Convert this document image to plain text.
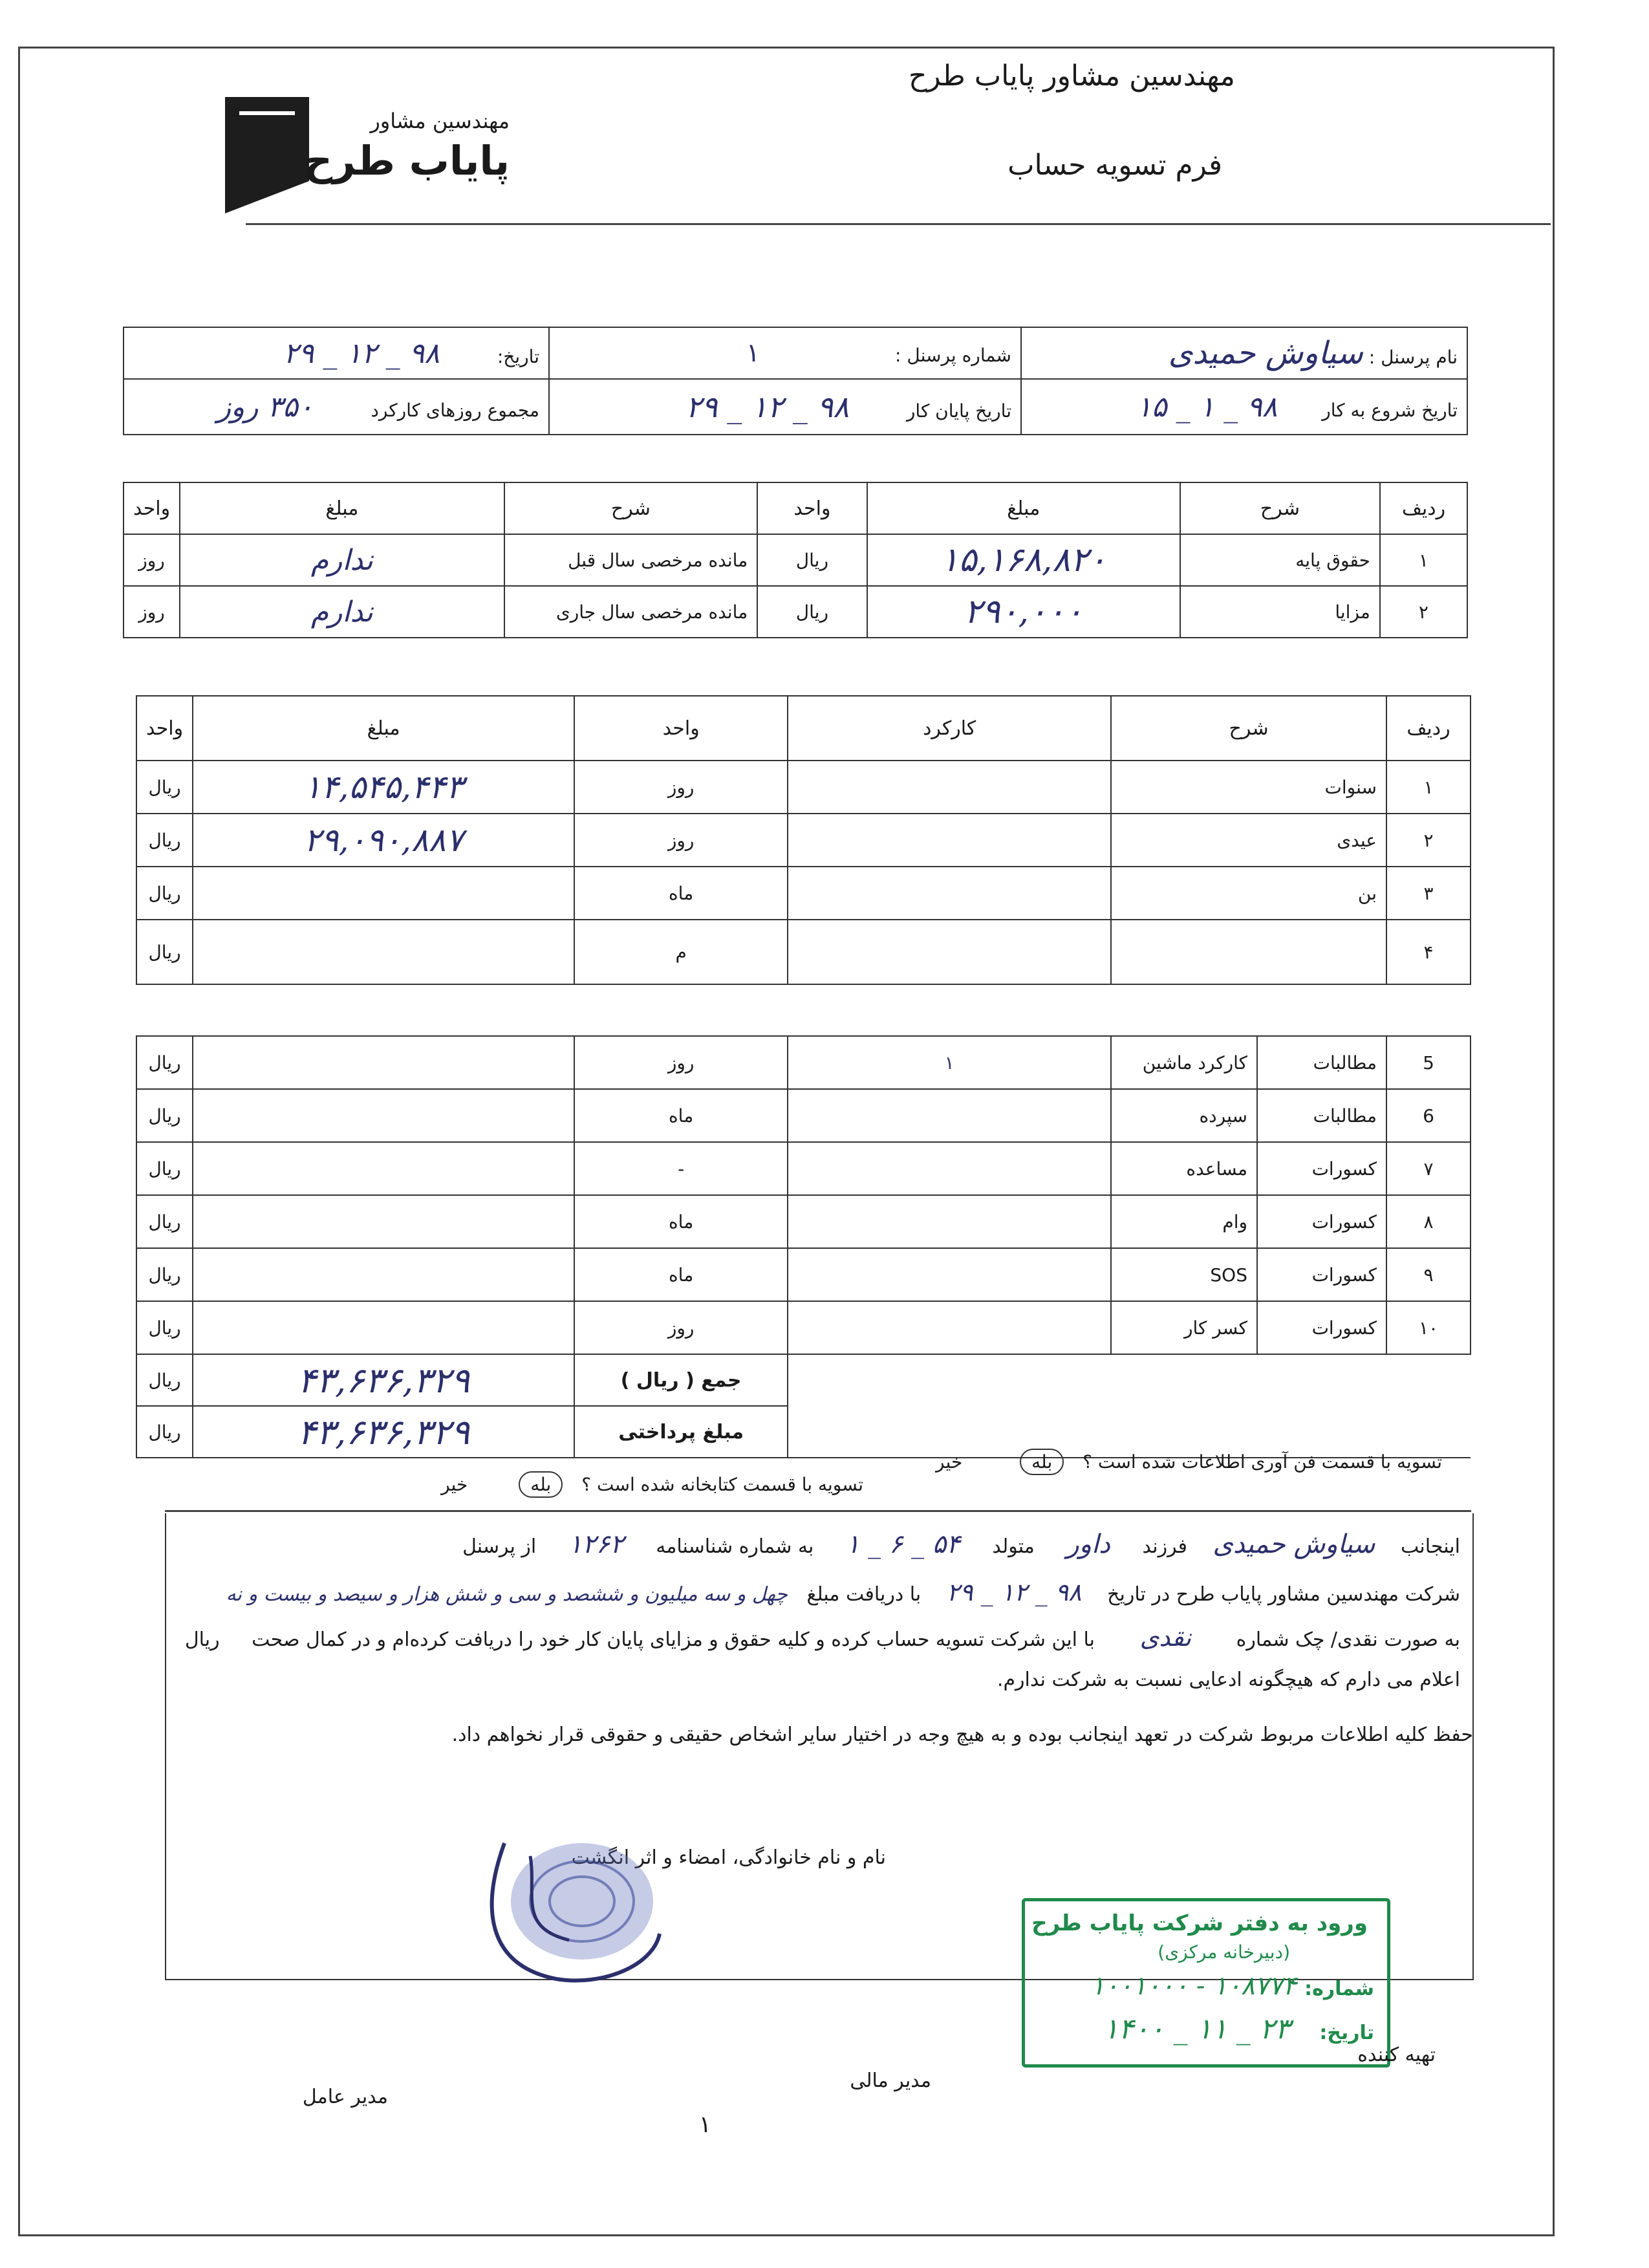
مهندسین مشاور
پایاب طرح
مهندسین مشاور پایاب طرح
فرم تسویه حساب
نام پرسنل : سیاوش حمیدی	شماره پرسنل : ۱	تاریخ: ۹۸ _ ۱۲ _ ۲۹
تاریخ شروع به کار ۹۸ _ ۱ _ ۱۵	تاریخ پایان کار ۹۸ _ ۱۲ _ ۲۹	مجموع روزهای کارکرد ۳۵۰ روز
ردیف	شرح	مبلغ	واحد	شرح	مبلغ	واحد
۱	حقوق پایه	۱۵,۱۶۸,۸۲۰	ریال	مانده مرخصی سال قبل	ندارم	روز
۲	مزایا	۲۹۰,۰۰۰	ریال	مانده مرخصی سال جاری	ندارم	روز
ردیف	شرح		کارکرد	واحد	مبلغ	واحد
۱	سنوات			روز	۱۴,۵۴۵,۴۴۳	ریال
۲	عیدی			روز	۲۹,۰۹۰,۸۸۷	ریال
۳	بن			ماه		ریال
۴				م		ریال

5	مطالبات	کارکرد ماشین	۱	روز		ریال
6	مطالبات	سپرده		ماه		ریال
۷	کسورات	مساعده		-		ریال
۸	کسورات	وام		ماه		ریال
۹	کسورات	SOS		ماه		ریال
۱۰	کسورات	کسر کار		روز		ریال
				جمع ( ریال )	۴۳,۶۳۶,۳۲۹	ریال
				مبلغ پرداختی	۴۳,۶۳۶,۳۲۹	ریال
تسویه با قسمت فن آوری اطلاعات شده است ؟ بله خیر
تسویه با قسمت کتابخانه شده است ؟ بله خیر
اینجانب سیاوش حمیدی فرزند داور متولد ۵۴ _ ۶ _ ۱ به شماره شناسنامه ۱۲۶۲ از پرسنل
شرکت مهندسین مشاور پایاب طرح در تاریخ ۹۸ _ ۱۲ _ ۲۹ با دریافت مبلغ چهل و سه میلیون و ششصد و سی و شش هزار و سیصد و بیست و نه
به صورت نقدی/ چک شماره نقدی با این شرکت تسویه حساب کرده و کلیه حقوق و مزایای پایان کار خود را دریافت کرده‌ام و در کمال صحت ریال
اعلام می دارم که هیچگونه ادعایی نسبت به شرکت ندارم.
حفظ کلیه اطلاعات مربوط شرکت در تعهد اینجانب بوده و به هیچ وجه در اختیار سایر اشخاص حقیقی و حقوقی قرار نخواهم داد.
نام و نام خانوادگی، امضاء و اثر انگشت
ورود به دفتر شرکت پایاب طرح
(دبیرخانه مرکزی)
شماره:
۱۰۰۱۰۰۰ - ۱۰۸۷۷۴
تاریخ:
۱۴۰۰ _ ۱۱ _ ۲۳
تهیه کننده
مدیر مالی
مدیر عامل
۱
